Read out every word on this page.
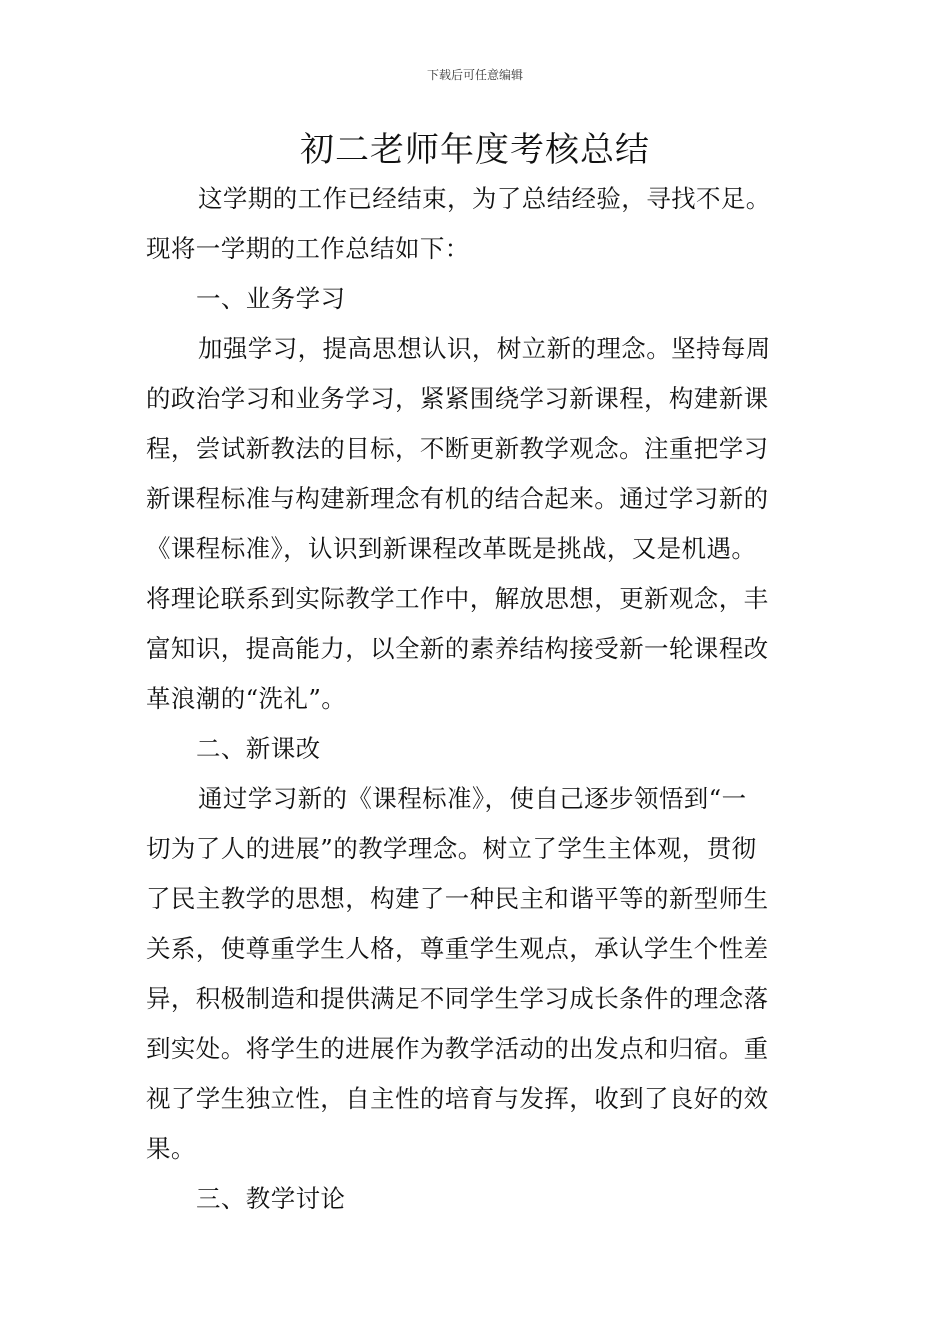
下载后可任意编辑
初二老师年度考核总结
这学期的工作已经结束，为了总结经验，寻找不足。
现将一学期的工作总结如下：
一、业务学习
加强学习，提高思想认识，树立新的理念。坚持每周
的政治学习和业务学习，紧紧围绕学习新课程，构建新课
程，尝试新教法的目标，不断更新教学观念。注重把学习
新课程标准与构建新理念有机的结合起来。通过学习新的
《课程标准》，认识到新课程改革既是挑战，又是机遇。
将理论联系到实际教学工作中，解放思想，更新观念，丰
富知识，提高能力，以全新的素养结构接受新一轮课程改
革浪潮的“洗礼”。
二、新课改
通过学习新的《课程标准》，使自己逐步领悟到“一
切为了人的进展”的教学理念。树立了学生主体观，贯彻
了民主教学的思想，构建了一种民主和谐平等的新型师生
关系，使尊重学生人格，尊重学生观点，承认学生个性差
异，积极制造和提供满足不同学生学习成长条件的理念落
到实处。将学生的进展作为教学活动的出发点和归宿。重
视了学生独立性，自主性的培育与发挥，收到了良好的效
果。
三、教学讨论
